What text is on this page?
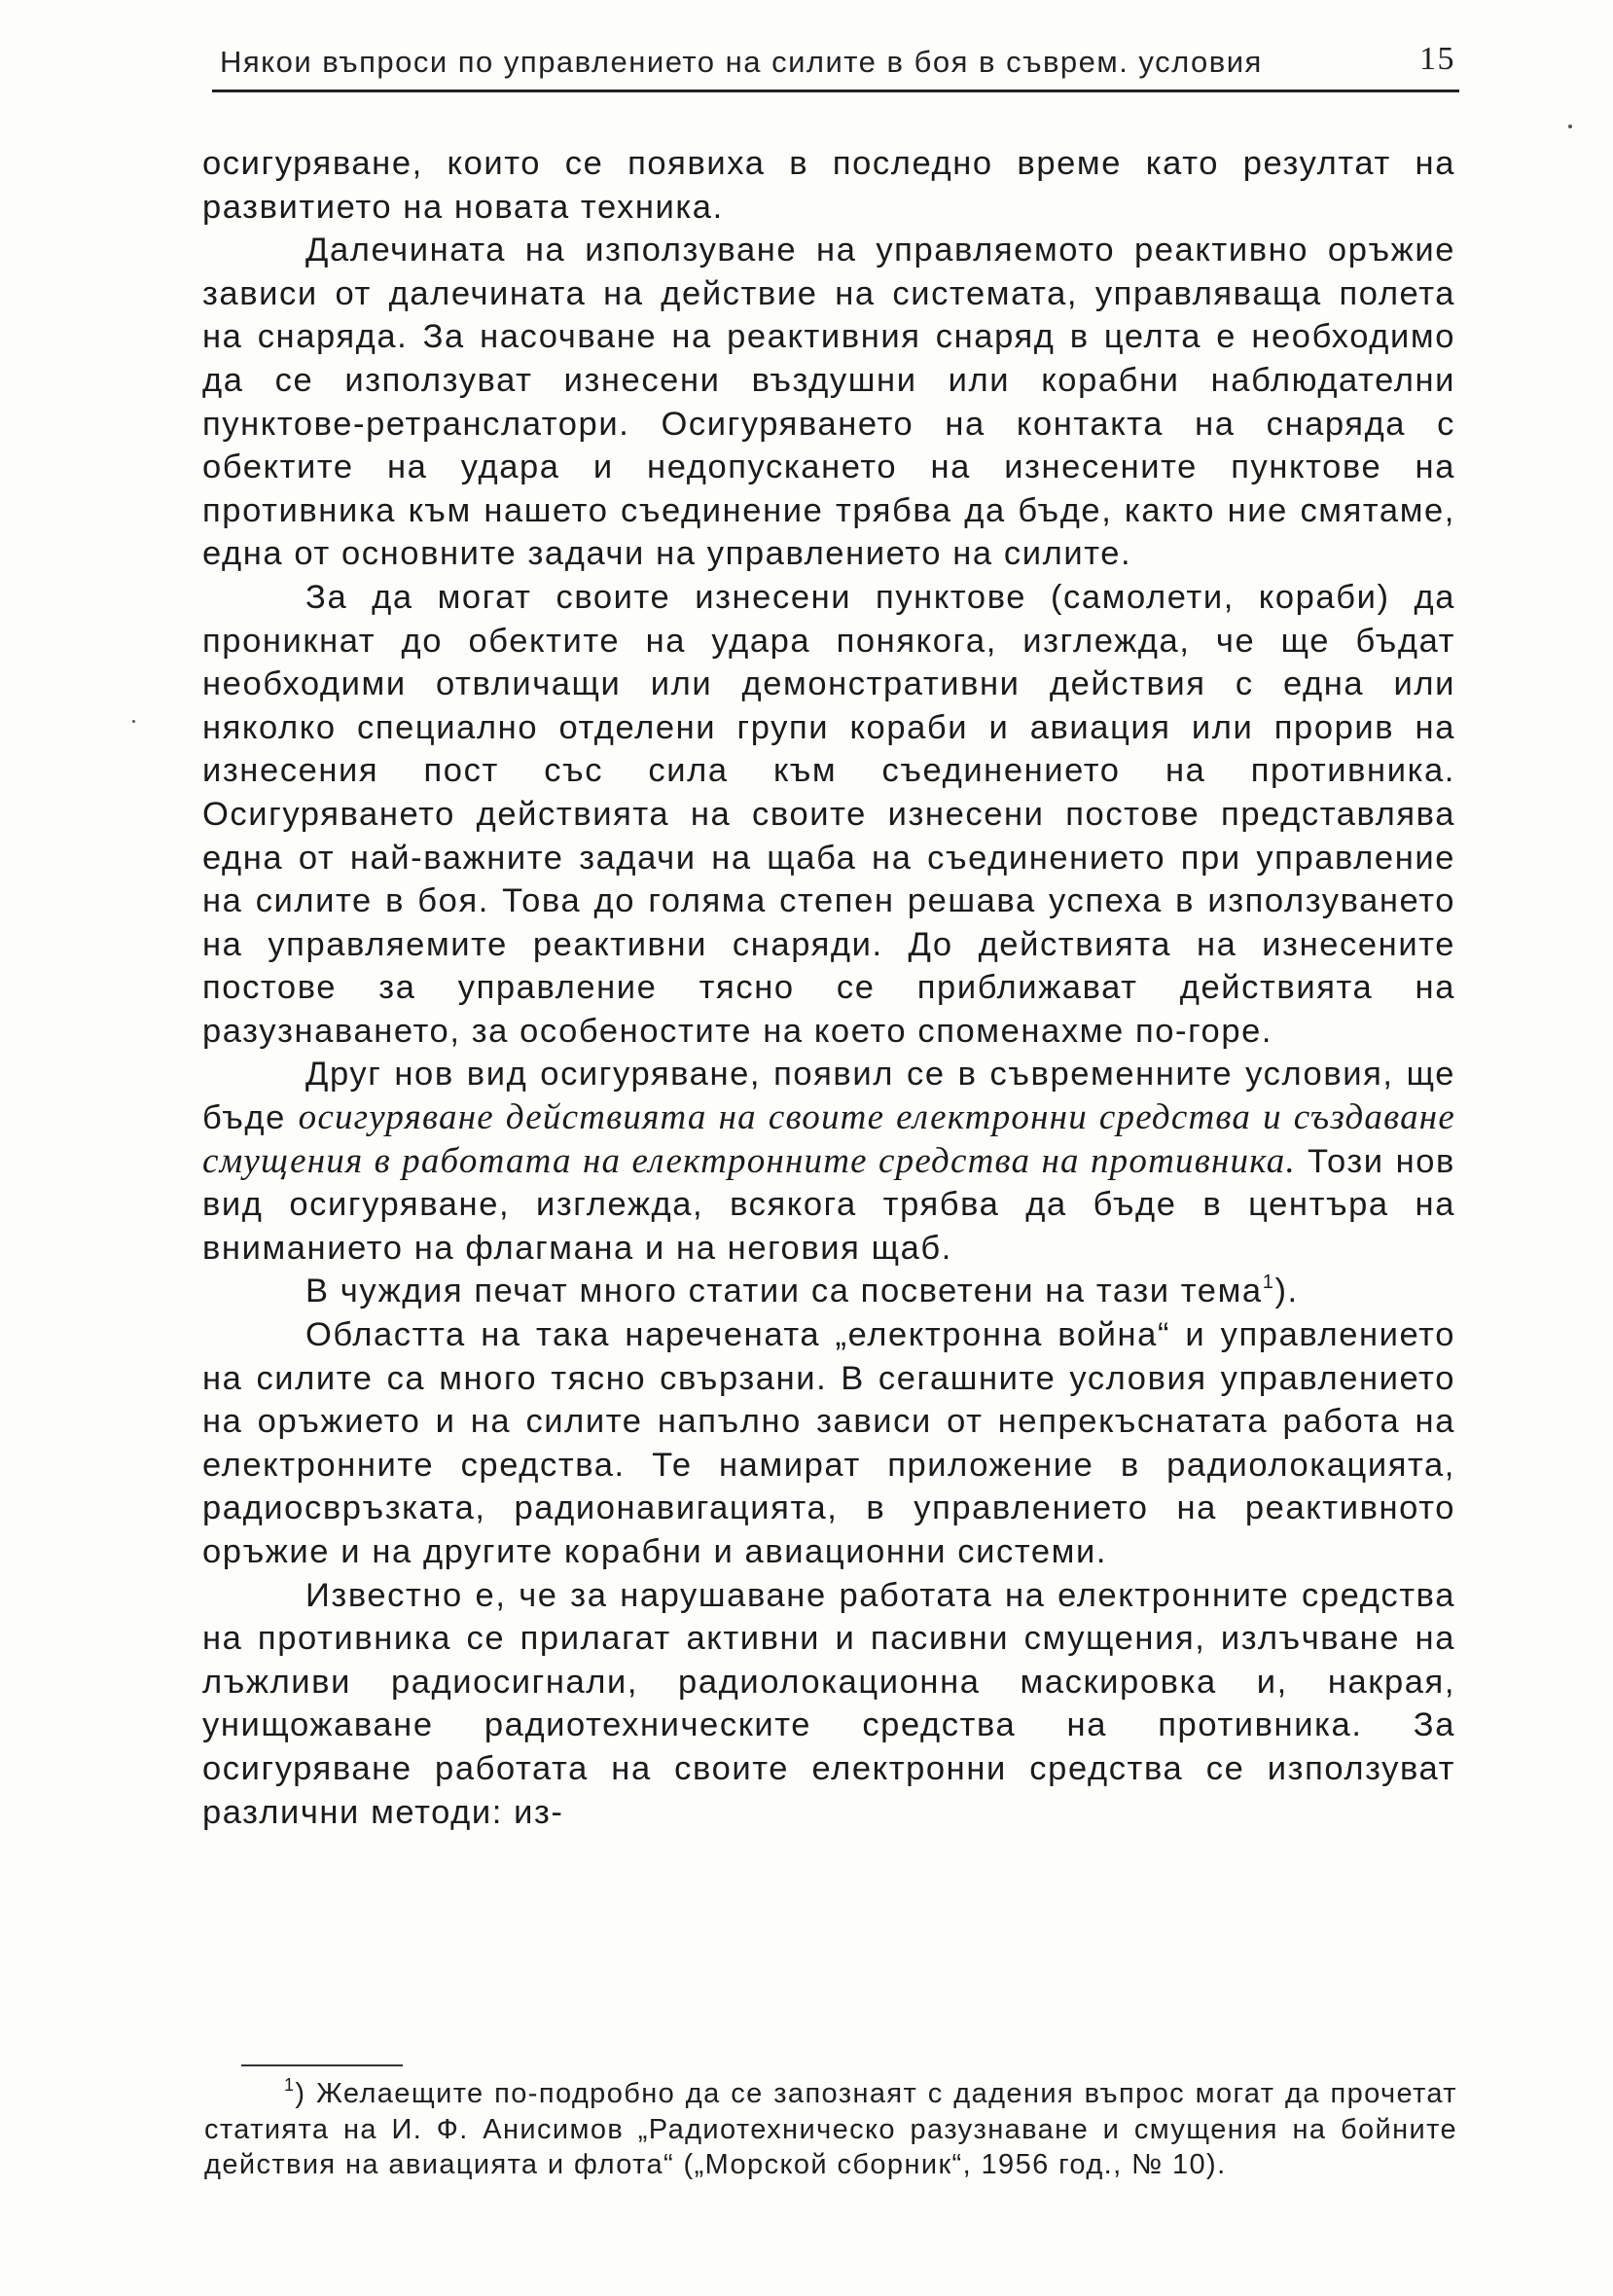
Някои въпроси по управлението на силите в боя в съврем. условия	15

осигуряване, които се появиха в последно време като резултат на развитието на новата техника.

Далечината на използуване на управляемото реактивно оръжие зависи от далечината на действие на системата, управляваща полета на снаряда. За насочване на реактивния снаряд в целта е необходимо да се използуват изнесени въздушни или корабни наблюдателни пунктове-ретранслатори. Осигуряването на контакта на снаряда с обектите на удара и недопускането на изнесените пунктове на противника към нашето съединение трябва да бъде, както ние смятаме, една от основните задачи на управлението на силите.

За да могат своите изнесени пунктове (самолети, кораби) да проникнат до обектите на удара понякога, изглежда, че ще бъдат необходими отвличащи или демонстративни действия с една или няколко специално отделени групи кораби и авиация или прорив на изнесения пост със сила към съединението на противника. Осигуряването действията на своите изнесени постове представлява една от най-важните задачи на щаба на съединението при управление на силите в боя. Това до голяма степен решава успеха в използуването на управляемите реактивни снаряди. До действията на изнесените постове за управление тясно се приближават действията на разузнаването, за особеностите на което споменахме по-горе.

Друг нов вид осигуряване, появил се в съвременните условия, ще бъде осигуряване действията на своите електронни средства и създаване смущения в работата на електронните средства на противника. Този нов вид осигуряване, изглежда, всякога трябва да бъде в центъра на вниманието на флагмана и на неговия щаб.

В чуждия печат много статии са посветени на тази тема$^1$).

Областта на така наречената „електронна война“ и управлението на силите са много тясно свързани. В сегашните условия управлението на оръжието и на силите напълно зависи от непрекъснатата работа на електронните средства. Те намират приложение в радиолокацията, радиосвръзката, радионавигацията, в управлението на реактивното оръжие и на другите корабни и авиационни системи.

Известно е, че за нарушаване работата на електронните средства на противника се прилагат активни и пасивни смущения, излъчване на лъжливи радиосигнали, радиолокационна маскировка и, накрая, унищожаване радиотехническите средства на противника. За осигуряване работата на своите електронни средства се използуват различни методи: из-

$^1$) Желаещите по-подробно да се запознаят с дадения въпрос могат да прочетат статията на И. Ф. Анисимов „Радиотехническо разузнаване и смущения на бойните действия на авиацията и флота“ („Морской сборник“, 1956 год., № 10).
